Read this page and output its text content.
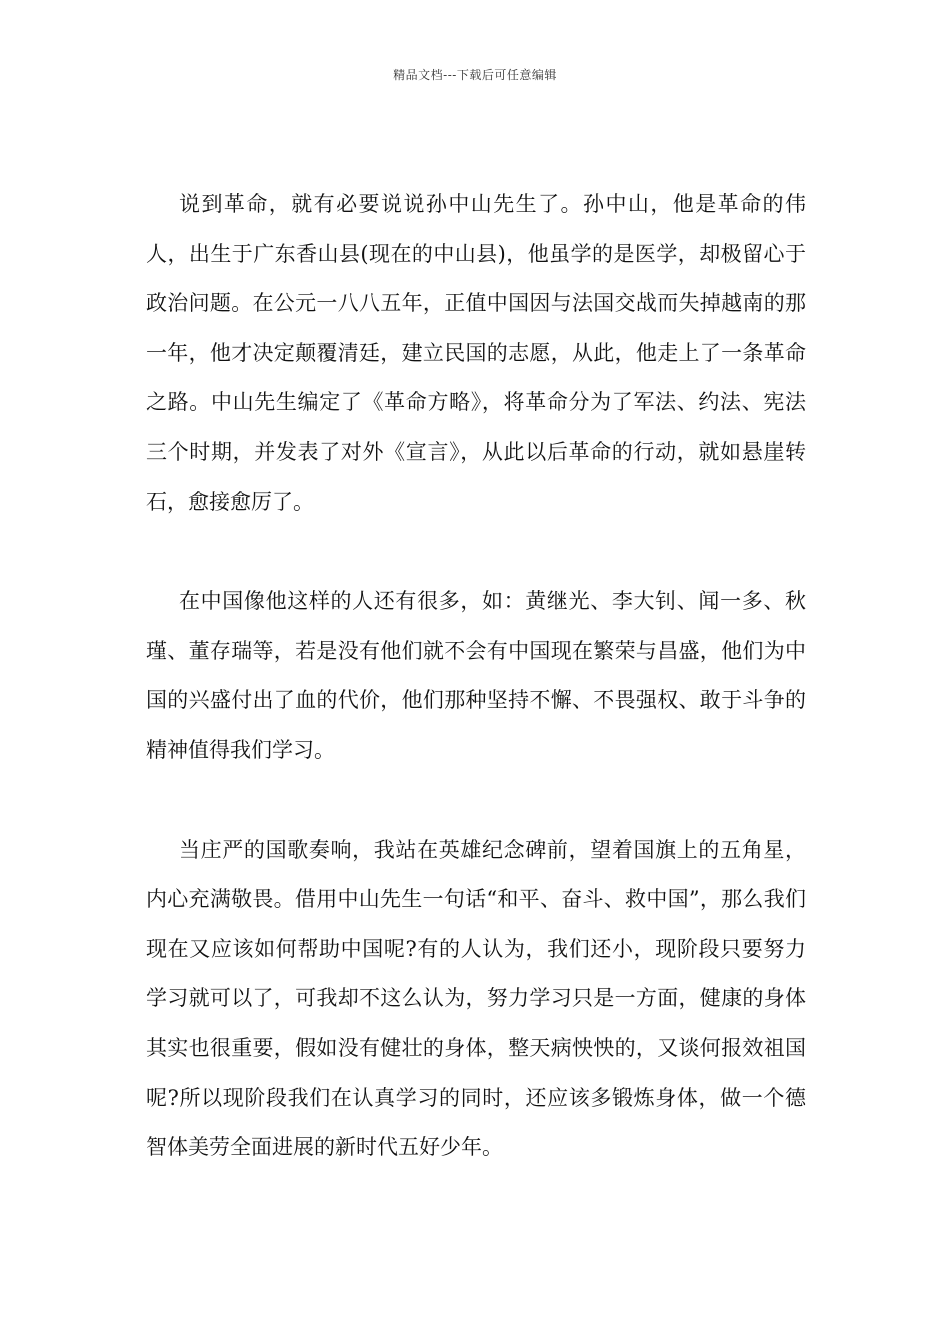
精品文档---下载后可任意编辑

说到革命，就有必要说说孙中山先生了。孙中山，他是革命的伟人，出生于广东香山县(现在的中山县)，他虽学的是医学，却极留心于政治问题。在公元一八八五年，正值中国因与法国交战而失掉越南的那一年，他才决定颠覆清廷，建立民国的志愿，从此，他走上了一条革命之路。中山先生编定了《革命方略》，将革命分为了军法、约法、宪法三个时期，并发表了对外《宣言》，从此以后革命的行动，就如悬崖转石，愈接愈厉了。

在中国像他这样的人还有很多，如：黄继光、李大钊、闻一多、秋瑾、董存瑞等，若是没有他们就不会有中国现在繁荣与昌盛，他们为中国的兴盛付出了血的代价，他们那种坚持不懈、不畏强权、敢于斗争的精神值得我们学习。

当庄严的国歌奏响，我站在英雄纪念碑前，望着国旗上的五角星，内心充满敬畏。借用中山先生一句话“和平、奋斗、救中国”，那么我们现在又应该如何帮助中国呢?有的人认为，我们还小，现阶段只要努力学习就可以了，可我却不这么认为，努力学习只是一方面，健康的身体其实也很重要，假如没有健壮的身体，整天病怏怏的，又谈何报效祖国呢?所以现阶段我们在认真学习的同时，还应该多锻炼身体，做一个德智体美劳全面进展的新时代五好少年。
